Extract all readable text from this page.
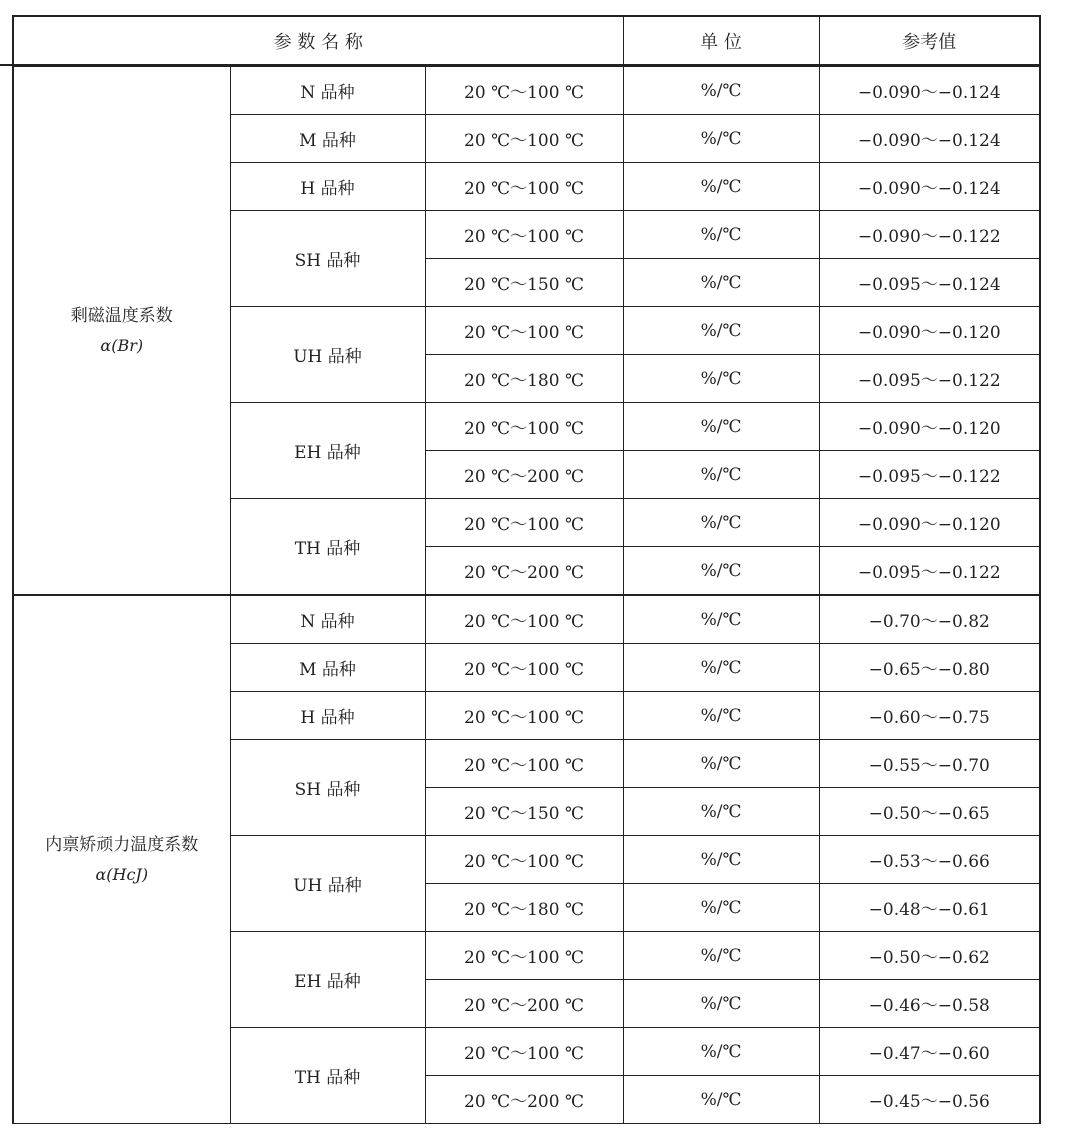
参 数 名 称			单 位	参考值

剩磁温度系数
α(Br)	N 品种	20 ℃～100 ℃	%/℃	−0.090～−0.124
	M 品种	20 ℃～100 ℃	%/℃	−0.090～−0.124
	H 品种	20 ℃～100 ℃	%/℃	−0.090～−0.124
	SH 品种	20 ℃～100 ℃	%/℃	−0.090～−0.122
		20 ℃～150 ℃	%/℃	−0.095～−0.124
	UH 品种	20 ℃～100 ℃	%/℃	−0.090～−0.120
		20 ℃～180 ℃	%/℃	−0.095～−0.122
	EH 品种	20 ℃～100 ℃	%/℃	−0.090～−0.120
		20 ℃～200 ℃	%/℃	−0.095～−0.122
	TH 品种	20 ℃～100 ℃	%/℃	−0.090～−0.120
		20 ℃～200 ℃	%/℃	−0.095～−0.122

内禀矫顽力温度系数
α(HcJ)	N 品种	20 ℃～100 ℃	%/℃	−0.70～−0.82
	M 品种	20 ℃～100 ℃	%/℃	−0.65～−0.80
	H 品种	20 ℃～100 ℃	%/℃	−0.60～−0.75
	SH 品种	20 ℃～100 ℃	%/℃	−0.55～−0.70
		20 ℃～150 ℃	%/℃	−0.50～−0.65
	UH 品种	20 ℃～100 ℃	%/℃	−0.53～−0.66
		20 ℃～180 ℃	%/℃	−0.48～−0.61
	EH 品种	20 ℃～100 ℃	%/℃	−0.50～−0.62
		20 ℃～200 ℃	%/℃	−0.46～−0.58
	TH 品种	20 ℃～100 ℃	%/℃	−0.47～−0.60
		20 ℃～200 ℃	%/℃	−0.45～−0.56
